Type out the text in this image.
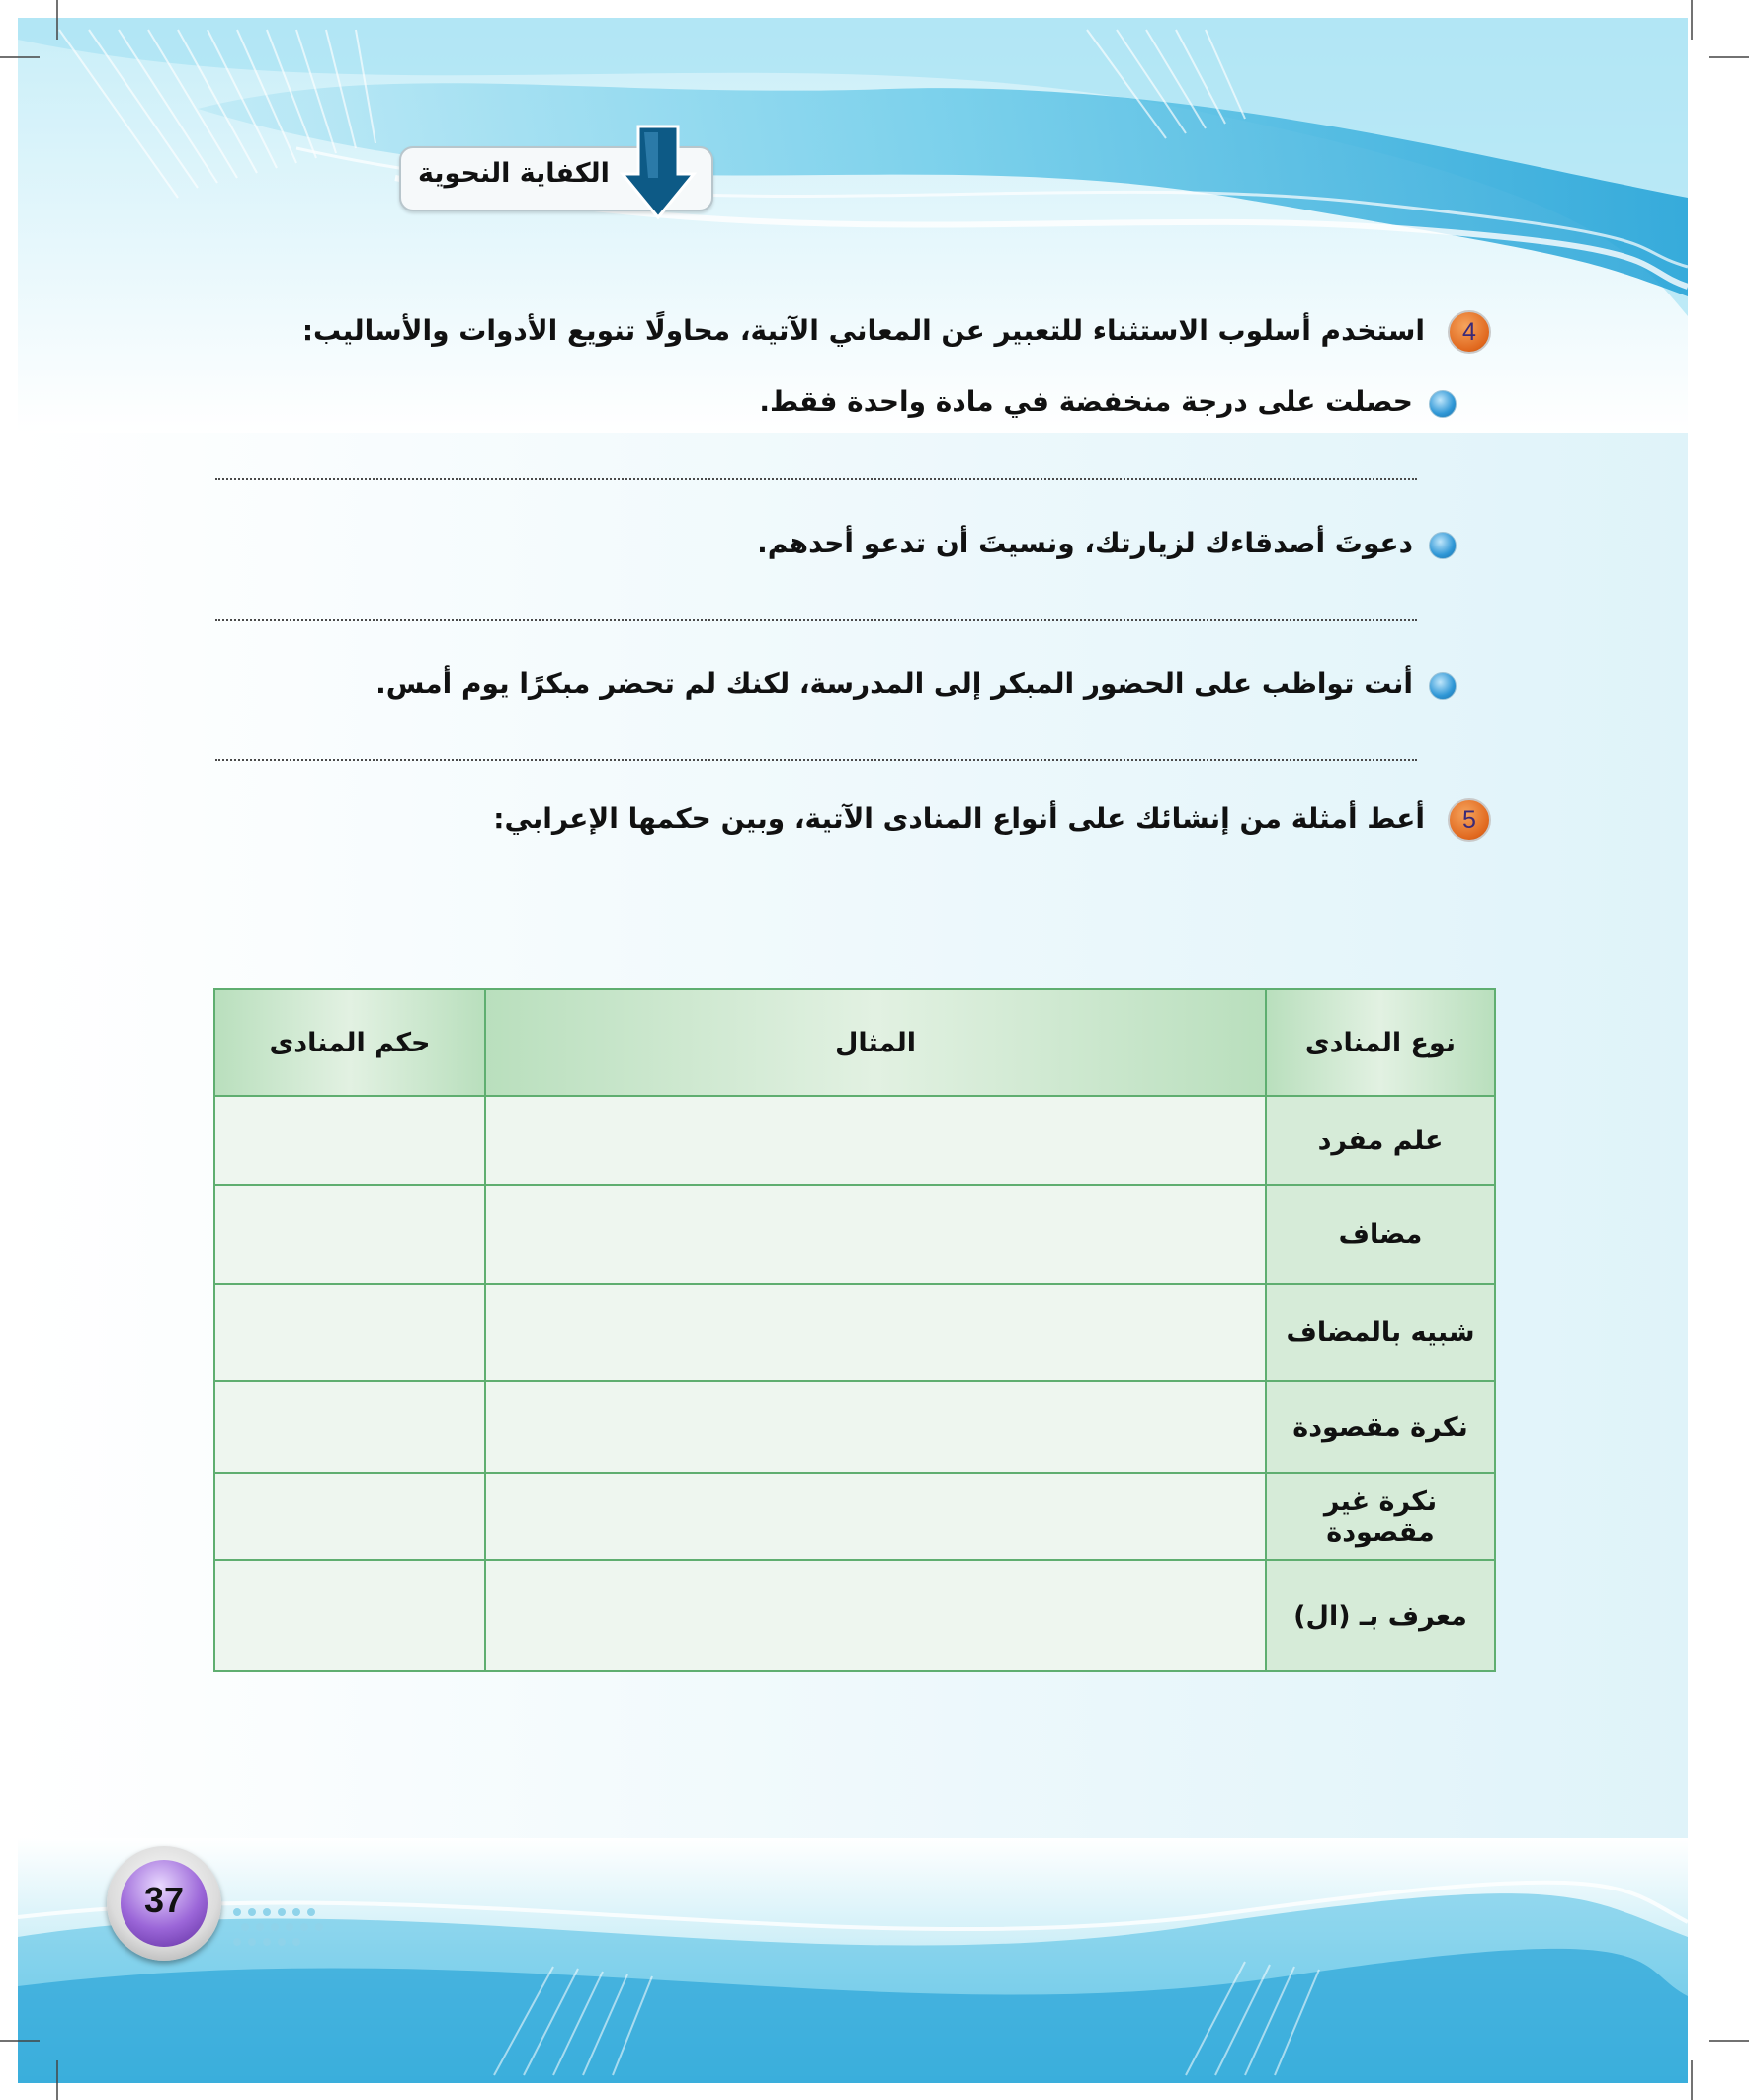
الكفاية النحوية
4
استخدم أسلوب الاستثناء للتعبير عن المعاني الآتية، محاولًا تنويع الأدوات والأساليب:
حصلت على درجة منخفضة في مادة واحدة فقط.
دعوتَ أصدقاءك لزيارتك، ونسيتَ أن تدعو أحدهم.
أنت تواظب على الحضور المبكر إلى المدرسة، لكنك لم تحضر مبكرًا يوم أمس.
5
أعط أمثلة من إنشائك على أنواع المنادى الآتية، وبين حكمها الإعرابي:
نوع المنادى	المثال	حكم المنادى
علم مفرد		
مضاف		
شبيه بالمضاف		
نكرة مقصودة		
نكرة غير مقصودة		
معرف بـ (ال)		
37
